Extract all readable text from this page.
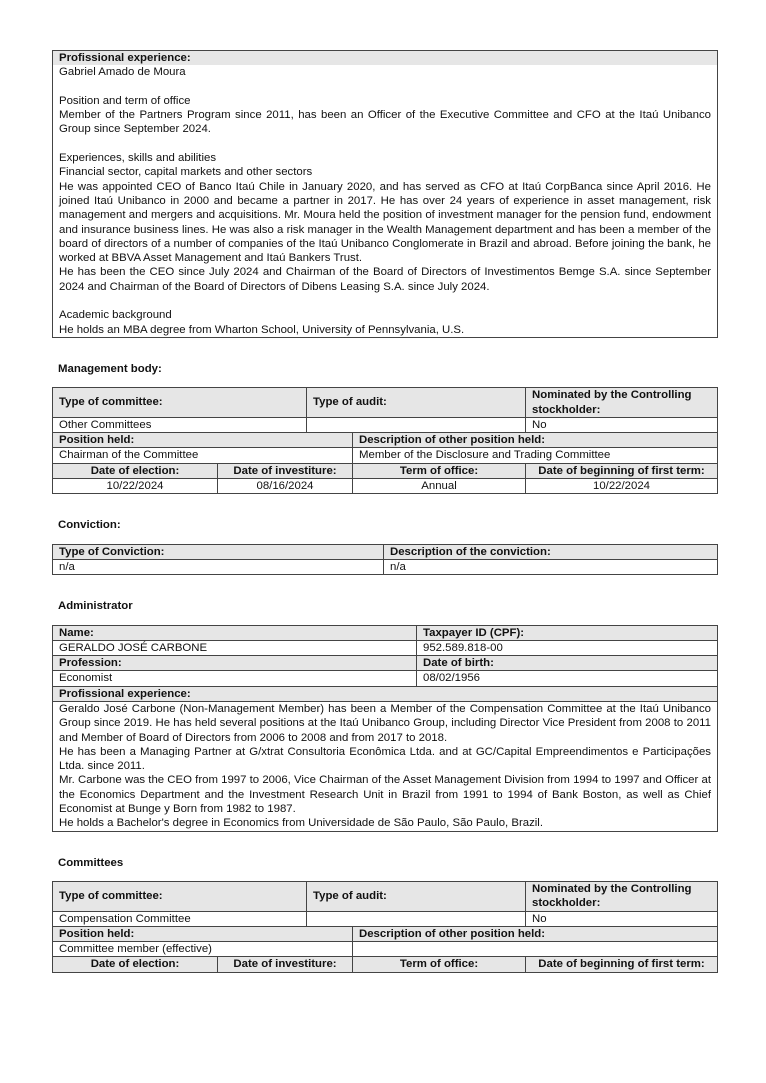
Profissional experience:
Gabriel Amado de Moura
Position and term of office
Member of the Partners Program since 2011, has been an Officer of the Executive Committee and CFO at the Itaú Unibanco Group since September 2024.
Experiences, skills and abilities
Financial sector, capital markets and other sectors
He was appointed CEO of Banco Itaú Chile in January 2020, and has served as CFO at Itaú CorpBanca since April 2016. He joined Itaú Unibanco in 2000 and became a partner in 2017. He has over 24 years of experience in asset management, risk management and mergers and acquisitions. Mr. Moura held the position of investment manager for the pension fund, endowment and insurance business lines. He was also a risk manager in the Wealth Management department and has been a member of the board of directors of a number of companies of the Itaú Unibanco Conglomerate in Brazil and abroad. Before joining the bank, he worked at BBVA Asset Management and Itaú Bankers Trust.
He has been the CEO since July 2024 and Chairman of the Board of Directors of Investimentos Bemge S.A. since September 2024 and Chairman of the Board of Directors of Dibens Leasing S.A. since July 2024.
Academic background
He holds an MBA degree from Wharton School, University of Pennsylvania, U.S.
Management body:
Type of committee:		Type of audit:		Nominated by the Controlling stockholder:
Other Committees				No
Position held:			Description of other position held:	
Chairman of the Committee			Member of the Disclosure and Trading Committee	
Date of election:	Date of investiture:		Term of office:	Date of beginning of first term:
10/22/2024	08/16/2024		Annual	10/22/2024
Conviction:
Type of Conviction:	Description of the conviction:
n/a	n/a
Administrator
Name:	Taxpayer ID (CPF):
GERALDO JOSÉ CARBONE	952.589.818-00
Profession:	Date of birth:
Economist	08/02/1956
Profissional experience:	

Geraldo José Carbone (Non-Management Member) has been a Member of the Compensation Committee at the Itaú Unibanco Group since 2019. He has held several positions at the Itaú Unibanco Group, including Director Vice President from 2008 to 2011 and Member of Board of Directors from 2006 to 2008 and from 2017 to 2018.
He has been a Managing Partner at G/xtrat Consultoria Econômica Ltda. and at GC/Capital Empreendimentos e Participações Ltda. since 2011.
Mr. Carbone was the CEO from 1997 to 2006, Vice Chairman of the Asset Management Division from 1994 to 1997 and Officer at the Economics Department and the Investment Research Unit in Brazil from 1991 to 1994 of Bank Boston, as well as Chief Economist at Bunge y Born from 1982 to 1987.
He holds a Bachelor's degree in Economics from Universidade de São Paulo, São Paulo, Brazil.	
Committees
Type of committee:		Type of audit:		Nominated by the Controlling stockholder:
Compensation Committee				No
Position held:			Description of other position held:	
Committee member (effective)				
Date of election:	Date of investiture:		Term of office:	Date of beginning of first term:
